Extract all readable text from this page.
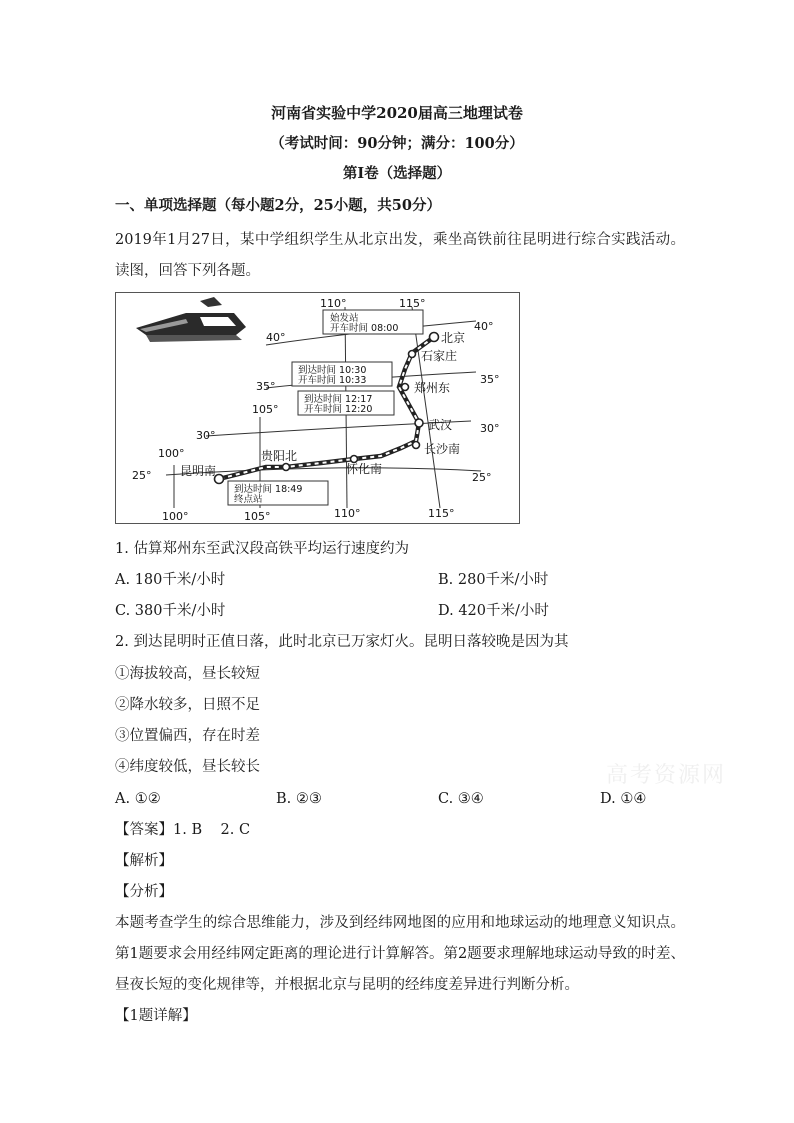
河南省实验中学2020届高三地理试卷
（考试时间：90分钟；满分：100分）
第Ⅰ卷（选择题）
一、单项选择题（每小题2分，25小题，共50分）
2019年1月27日，某中学组织学生从北京出发，乘坐高铁前往昆明进行综合实践活动。读图，回答下列各题。
北京
石家庄
郑州东
武汉
长沙南
怀化南
贵阳北
昆明南
110°	115°
105°
100°
100°	105°	110°	115°
40°
35°
30°
25°
40°
35°
30°
25°
始发站
开车时间 08:00
到达时间 10:30
开车时间 10:33
到达时间 12:17
开车时间 12:20
到达时间 18:49
终点站
1. 估算郑州东至武汉段高铁平均运行速度约为
A. 180千米/小时	B. 280千米/小时
C. 380千米/小时	D. 420千米/小时
2. 到达昆明时正值日落，此时北京已万家灯火。昆明日落较晚是因为其
①海拔较高，昼长较短
②降水较多，日照不足
③位置偏西，存在时差
④纬度较低，昼长较长
A. ①②	B. ②③	C. ③④	D. ①④
【答案】1. B    2. C
【解析】
【分析】
本题考查学生的综合思维能力，涉及到经纬网地图的应用和地球运动的地理意义知识点。第1题要求会用经纬网定距离的理论进行计算解答。第2题要求理解地球运动导致的时差、昼夜长短的变化规律等，并根据北京与昆明的经纬度差异进行判断分析。
【1题详解】
高考资源网
